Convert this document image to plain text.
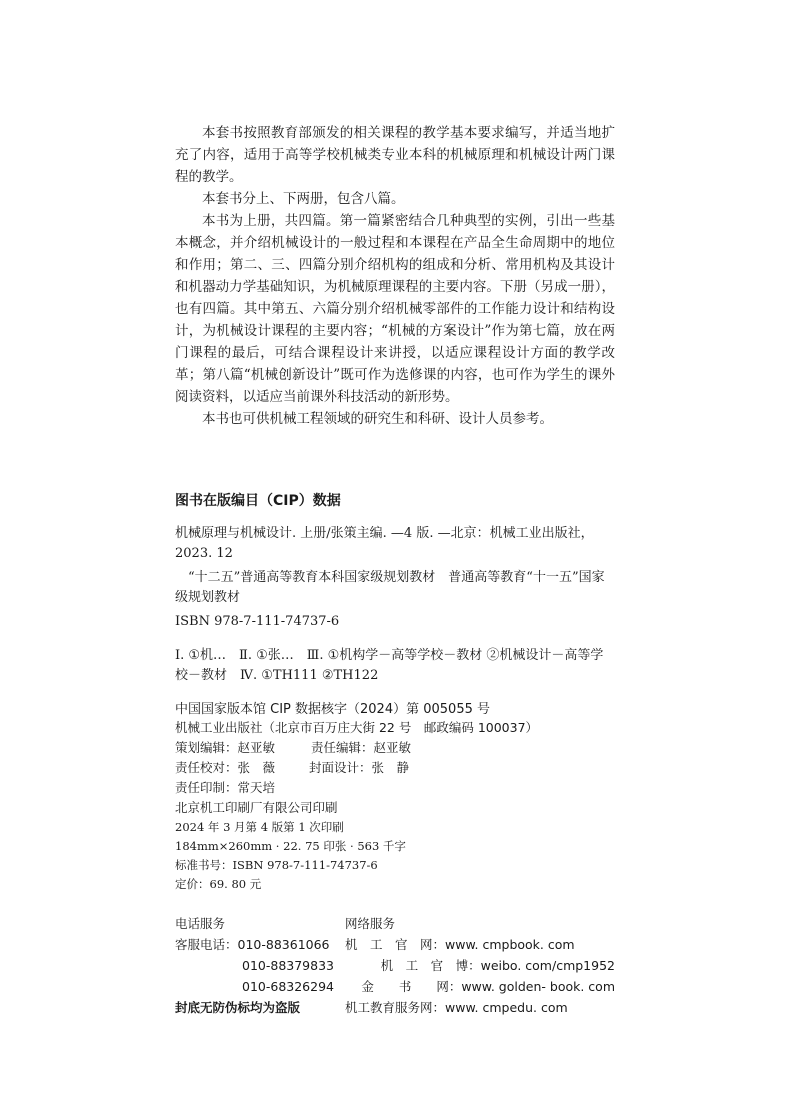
本套书按照教育部颁发的相关课程的教学基本要求编写，并适当地扩充了内容，适用于高等学校机械类专业本科的机械原理和机械设计两门课程的教学。

本套书分上、下两册，包含八篇。

本书为上册，共四篇。第一篇紧密结合几种典型的实例，引出一些基本概念，并介绍机械设计的一般过程和本课程在产品全生命周期中的地位和作用；第二、三、四篇分别介绍机构的组成和分析、常用机构及其设计和机器动力学基础知识，为机械原理课程的主要内容。下册（另成一册），也有四篇。其中第五、六篇分别介绍机械零部件的工作能力设计和结构设计，为机械设计课程的主要内容；“机械的方案设计”作为第七篇，放在两门课程的最后，可结合课程设计来讲授，以适应课程设计方面的教学改革；第八篇“机械创新设计”既可作为选修课的内容，也可作为学生的课外阅读资料，以适应当前课外科技活动的新形势。

本书也可供机械工程领域的研究生和科研、设计人员参考。

图书在版编目（CIP）数据
机械原理与机械设计. 上册/张策主编. —4 版. —北京：机械工业出版社，2023. 12
“十二五”普通高等教育本科国家级规划教材　普通高等教育“十一五”国家级规划教材
ISBN 978-7-111-74737-6
Ⅰ. ①机…　Ⅱ. ①张…　Ⅲ. ①机构学－高等学校－教材 ②机械设计－高等学校－教材　Ⅳ. ①TH111 ②TH122
中国国家版本馆 CIP 数据核字（2024）第 005055 号
机械工业出版社（北京市百万庄大街 22 号　邮政编码 100037）
策划编辑：赵亚敏	责任编辑：赵亚敏
责任校对：张　薇	封面设计：张　静
责任印制：常天培
北京机工印刷厂有限公司印刷
2024 年 3 月第 4 版第 1 次印刷
184mm×260mm · 22. 75 印张 · 563 千字
标准书号：ISBN 978-7-111-74737-6
定价：69. 80 元
电话服务	网络服务
客服电话：010-88361066	机　工　官　网：www. cmpbook. com
010-88379833	机　工　官　博：weibo. com/cmp1952
010-68326294	金　　书　　网：www. golden- book. com
封底无防伪标均为盗版	机工教育服务网：www. cmpedu. com
